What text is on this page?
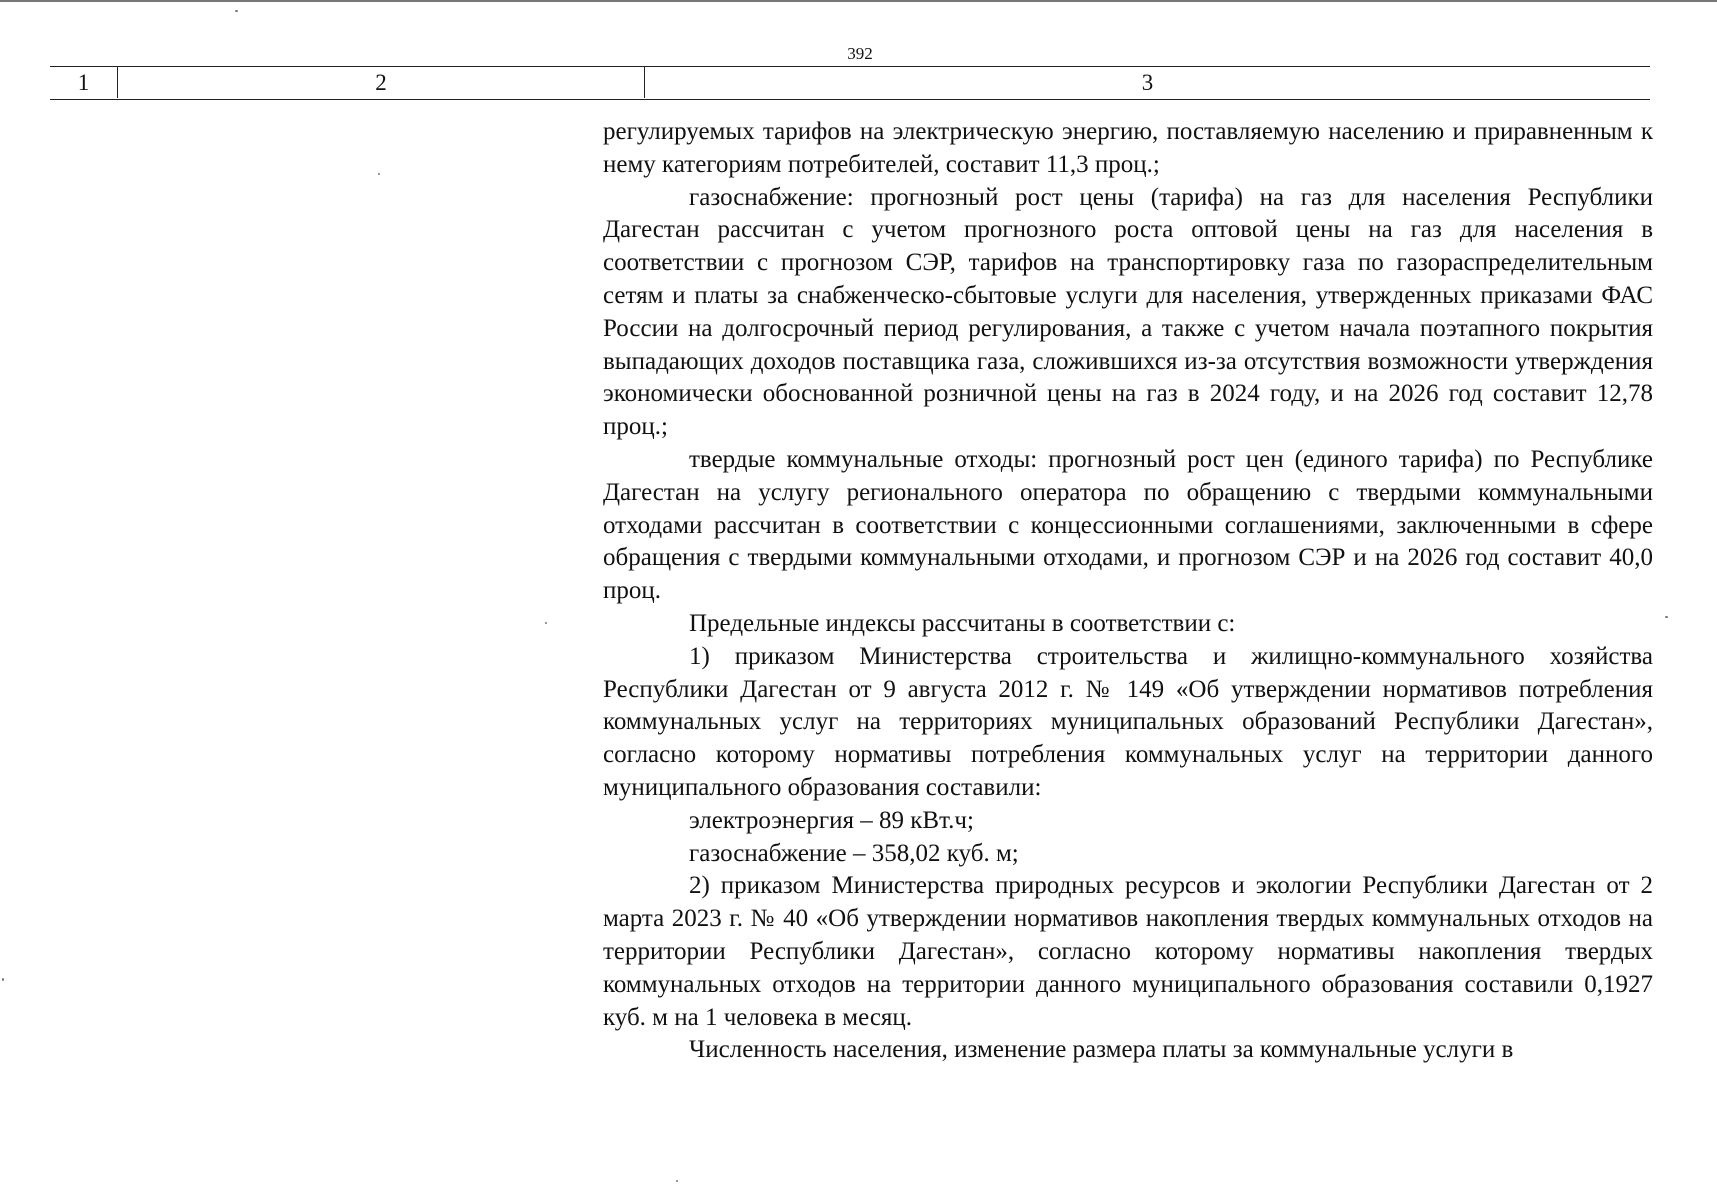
392
1	2	3

регулируемых тарифов на электрическую энергию, поставляемую населению и приравненным к нему категориям потребителей, составит 11,3 проц.;

газоснабжение: прогнозный рост цены (тарифа) на газ для населения Республики Дагестан рассчитан с учетом прогнозного роста оптовой цены на газ для населения в соответствии с прогнозом СЭР, тарифов на транспортировку газа по газораспределительным сетям и платы за снабженческо-сбытовые услуги для населения, утвержденных приказами ФАС России на долгосрочный период регулирования, а также с учетом начала поэтапного покрытия выпадающих доходов поставщика газа, сложившихся из-за отсутствия возможности утверждения экономически обоснованной розничной цены на газ в 2024 году, и на 2026 год составит 12,78 проц.;

твердые коммунальные отходы: прогнозный рост цен (единого тарифа) по Республике Дагестан на услугу регионального оператора по обращению с твердыми коммунальными отходами рассчитан в соответствии с концессионными соглашениями, заключенными в сфере обращения с твердыми коммунальными отходами, и прогнозом СЭР и на 2026 год составит 40,0 проц.

Предельные индексы рассчитаны в соответствии с:

1) приказом Министерства строительства и жилищно-коммунального хозяйства Республики Дагестан от 9 августа 2012 г. № 149 «Об утверждении нормативов потребления коммунальных услуг на территориях муниципальных образований Республики Дагестан», согласно которому нормативы потребления коммунальных услуг на территории данного муниципального образования составили:

электроэнергия – 89 кВт.ч;

газоснабжение – 358,02 куб. м;

2) приказом Министерства природных ресурсов и экологии Республики Дагестан от 2 марта 2023 г. № 40 «Об утверждении нормативов накопления твердых коммунальных отходов на территории Республики Дагестан», согласно которому нормативы накопления твердых коммунальных отходов на территории данного муниципального образования составили 0,1927 куб. м на 1 человека в месяц.

Численность населения, изменение размера платы за коммунальные услуги в
